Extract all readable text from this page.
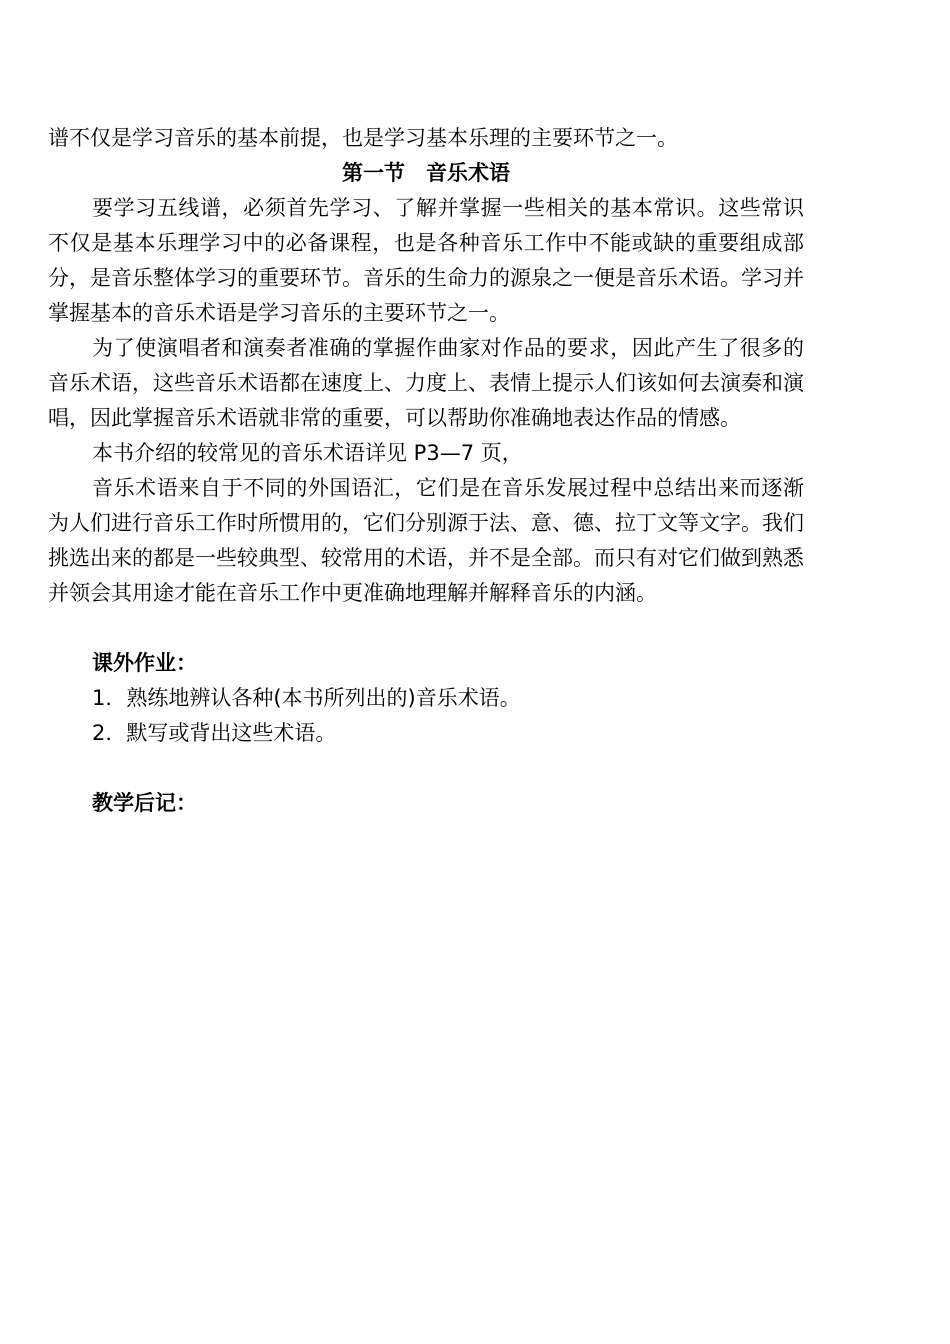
谱不仅是学习音乐的基本前提，也是学习基本乐理的主要环节之一。

第一节　音乐术语

要学习五线谱，必须首先学习、了解并掌握一些相关的基本常识。这些常识不仅是基本乐理学习中的必备课程，也是各种音乐工作中不能或缺的重要组成部分，是音乐整体学习的重要环节。音乐的生命力的源泉之一便是音乐术语。学习并掌握基本的音乐术语是学习音乐的主要环节之一。

为了使演唱者和演奏者准确的掌握作曲家对作品的要求，因此产生了很多的音乐术语，这些音乐术语都在速度上、力度上、表情上提示人们该如何去演奏和演唱，因此掌握音乐术语就非常的重要，可以帮助你准确地表达作品的情感。

本书介绍的较常见的音乐术语详见 P3—7 页，

音乐术语来自于不同的外国语汇，它们是在音乐发展过程中总结出来而逐渐为人们进行音乐工作时所惯用的，它们分别源于法、意、德、拉丁文等文字。我们挑选出来的都是一些较典型、较常用的术语，并不是全部。而只有对它们做到熟悉并领会其用途才能在音乐工作中更准确地理解并解释音乐的内涵。

课外作业：

1．熟练地辨认各种(本书所列出的)音乐术语。

2．默写或背出这些术语。

教学后记：
